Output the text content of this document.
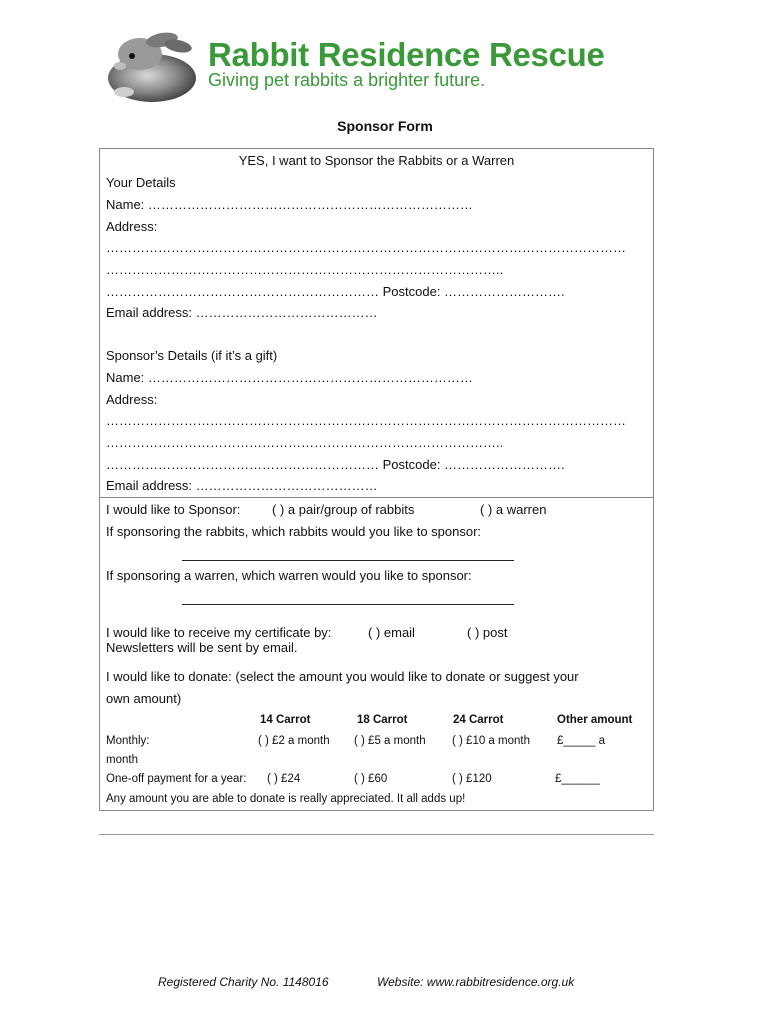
Rabbit Residence Rescue
Giving pet rabbits a brighter future.
Sponsor Form
YES, I want to Sponsor the Rabbits or a Warren
Your Details
Name: …………………………………………………………………
Address:
…………………………………………………………………………………………………………
………………………………………………………………………………..
……………………………………………………… Postcode: ……………………….
Email address: ……………………………………
Sponsor’s Details (if it’s a gift)
Name: …………………………………………………………………
Address:
…………………………………………………………………………………………………………
………………………………………………………………………………..
……………………………………………………… Postcode: ……………………….
Email address: ……………………………………
I would like to Sponsor: ( ) a pair/group of rabbits	( ) a warren
If sponsoring the rabbits, which rabbits would you like to sponsor:
If sponsoring a warren, which warren would you like to sponsor:
I would like to receive my certificate by:	( ) email	( ) post
Newsletters will be sent by email.
I would like to donate: (select the amount you would like to donate or suggest your
own amount)
14 Carrot	18 Carrot	24 Carrot	Other amount
Monthly:	( ) £2 a month ( ) £5 a month ( ) £10 a month £_____ a
month
One-off payment for a year: ( ) £24	( ) £60	( ) £120	£______
Any amount you are able to donate is really appreciated. It all adds up!
Registered Charity No. 1148016	Website: www.rabbitresidence.org.uk
